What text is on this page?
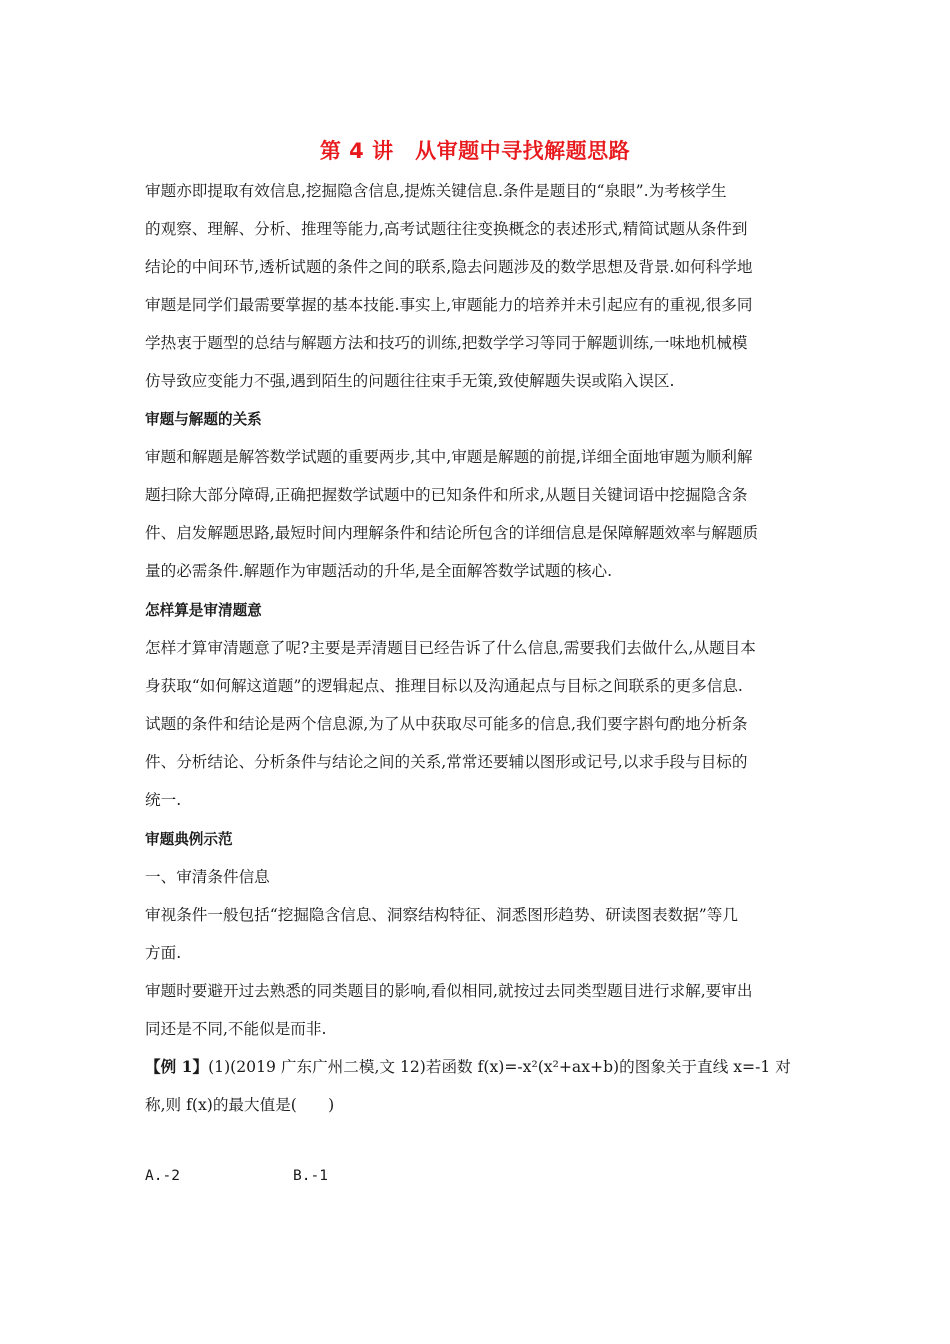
第 4 讲　从审题中寻找解题思路
审题亦即提取有效信息,挖掘隐含信息,提炼关键信息.条件是题目的“泉眼”.为考核学生
的观察、理解、分析、推理等能力,高考试题往往变换概念的表述形式,精简试题从条件到
结论的中间环节,透析试题的条件之间的联系,隐去问题涉及的数学思想及背景.如何科学地
审题是同学们最需要掌握的基本技能.事实上,审题能力的培养并未引起应有的重视,很多同
学热衷于题型的总结与解题方法和技巧的训练,把数学学习等同于解题训练,一味地机械模
仿导致应变能力不强,遇到陌生的问题往往束手无策,致使解题失误或陷入误区.
审题与解题的关系
审题和解题是解答数学试题的重要两步,其中,审题是解题的前提,详细全面地审题为顺利解
题扫除大部分障碍,正确把握数学试题中的已知条件和所求,从题目关键词语中挖掘隐含条
件、启发解题思路,最短时间内理解条件和结论所包含的详细信息是保障解题效率与解题质
量的必需条件.解题作为审题活动的升华,是全面解答数学试题的核心.
怎样算是审清题意
怎样才算审清题意了呢?主要是弄清题目已经告诉了什么信息,需要我们去做什么,从题目本
身获取“如何解这道题”的逻辑起点、推理目标以及沟通起点与目标之间联系的更多信息.
试题的条件和结论是两个信息源,为了从中获取尽可能多的信息,我们要字斟句酌地分析条
件、分析结论、分析条件与结论之间的关系,常常还要辅以图形或记号,以求手段与目标的
统一.
审题典例示范
一、审清条件信息
审视条件一般包括“挖掘隐含信息、洞察结构特征、洞悉图形趋势、研读图表数据”等几
方面.
审题时要避开过去熟悉的同类题目的影响,看似相同,就按过去同类型题目进行求解,要审出
同还是不同,不能似是而非.
【例 1】(1)(2019 广东广州二模,文 12)若函数 f(x)=-x²(x²+ax+b)的图象关于直线 x=-1 对
称,则 f(x)的最大值是(　　)
A.-2	B.-1
